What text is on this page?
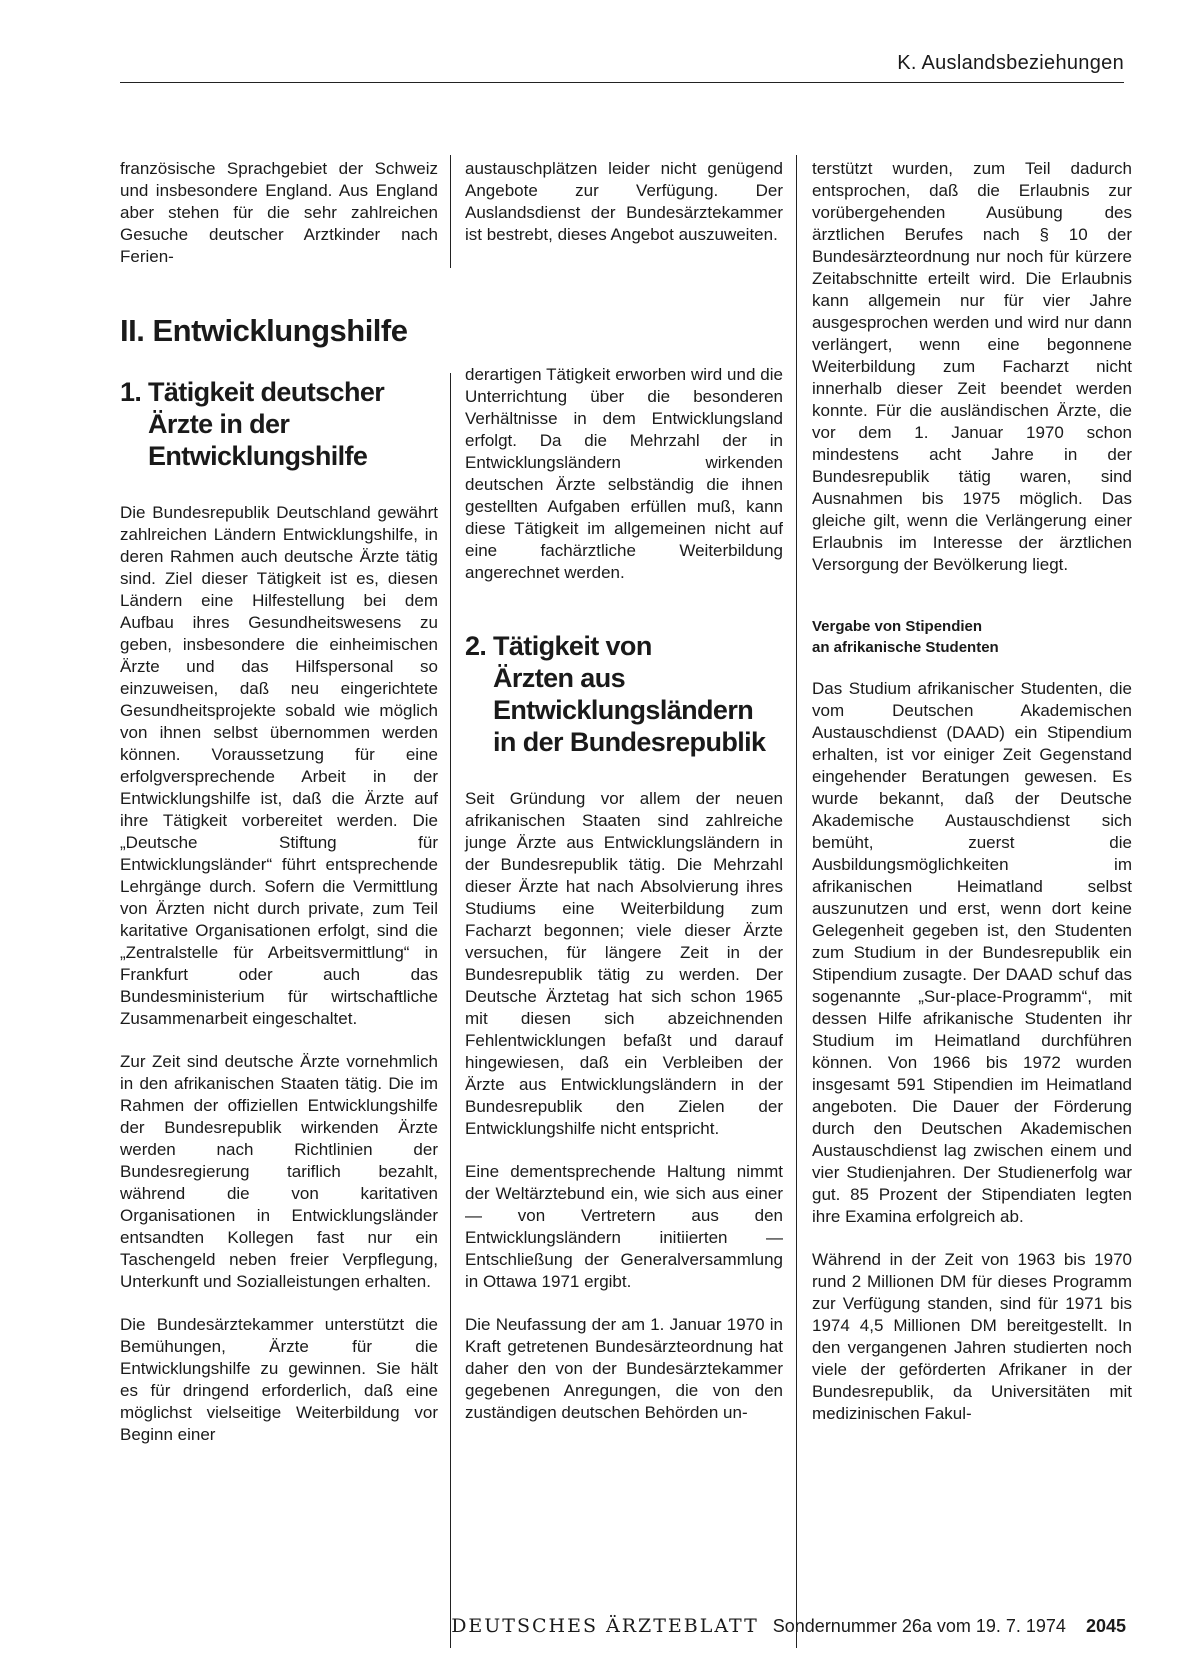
K. Auslandsbeziehungen

französische Sprachgebiet der Schweiz und insbesondere England. Aus England aber stehen für die sehr zahlreichen Gesuche deutscher Arztkinder nach Ferien-

II. Entwicklungshilfe
1. Tätigkeit deutscher
Ärzte in der
Entwicklungshilfe

Die Bundesrepublik Deutschland gewährt zahlreichen Ländern Entwicklungshilfe, in deren Rahmen auch deutsche Ärzte tätig sind. Ziel dieser Tätigkeit ist es, diesen Ländern eine Hilfestellung bei dem Aufbau ihres Gesundheitswesens zu geben, insbesondere die einheimischen Ärzte und das Hilfspersonal so einzuweisen, daß neu eingerichtete Gesundheitsprojekte sobald wie möglich von ihnen selbst übernommen werden können. Voraussetzung für eine erfolgversprechende Arbeit in der Entwicklungshilfe ist, daß die Ärzte auf ihre Tätigkeit vorbereitet werden. Die „Deutsche Stiftung für Entwicklungsländer“ führt entsprechende Lehrgänge durch. Sofern die Vermittlung von Ärzten nicht durch private, zum Teil karitative Organisationen erfolgt, sind die „Zentralstelle für Arbeitsvermittlung“ in Frankfurt oder auch das Bundesministerium für wirtschaftliche Zusammenarbeit eingeschaltet.

Zur Zeit sind deutsche Ärzte vornehmlich in den afrikanischen Staaten tätig. Die im Rahmen der offiziellen Entwicklungshilfe der Bundesrepublik wirkenden Ärzte werden nach Richtlinien der Bundesregierung tariflich bezahlt, während die von karitativen Organisationen in Entwicklungsländer entsandten Kollegen fast nur ein Taschengeld neben freier Verpflegung, Unterkunft und Sozialleistungen erhalten.

Die Bundesärztekammer unterstützt die Bemühungen, Ärzte für die Entwicklungshilfe zu gewinnen. Sie hält es für dringend erforderlich, daß eine möglichst vielseitige Weiterbildung vor Beginn einer

austauschplätzen leider nicht genügend Angebote zur Verfügung. Der Auslandsdienst der Bundesärztekammer ist bestrebt, dieses Angebot auszuweiten.

derartigen Tätigkeit erworben wird und die Unterrichtung über die besonderen Verhältnisse in dem Entwicklungsland erfolgt. Da die Mehrzahl der in Entwicklungsländern wirkenden deutschen Ärzte selbständig die ihnen gestellten Aufgaben erfüllen muß, kann diese Tätigkeit im allgemeinen nicht auf eine fachärztliche Weiterbildung angerechnet werden.

2. Tätigkeit von
Ärzten aus
Entwicklungsländern
in der Bundesrepublik

Seit Gründung vor allem der neuen afrikanischen Staaten sind zahlreiche junge Ärzte aus Entwicklungsländern in der Bundesrepublik tätig. Die Mehrzahl dieser Ärzte hat nach Absolvierung ihres Studiums eine Weiterbildung zum Facharzt begonnen; viele dieser Ärzte versuchen, für längere Zeit in der Bundesrepublik tätig zu werden. Der Deutsche Ärztetag hat sich schon 1965 mit diesen sich abzeichnenden Fehlentwicklungen befaßt und darauf hingewiesen, daß ein Verbleiben der Ärzte aus Entwicklungsländern in der Bundesrepublik den Zielen der Entwicklungshilfe nicht entspricht.

Eine dementsprechende Haltung nimmt der Weltärztebund ein, wie sich aus einer — von Vertretern aus den Entwicklungsländern initiierten — Entschließung der Generalversammlung in Ottawa 1971 ergibt.

Die Neufassung der am 1. Januar 1970 in Kraft getretenen Bundesärzteordnung hat daher den von der Bundesärztekammer gegebenen Anregungen, die von den zuständigen deutschen Behörden un-

terstützt wurden, zum Teil dadurch entsprochen, daß die Erlaubnis zur vorübergehenden Ausübung des ärztlichen Berufes nach § 10 der Bundesärzteordnung nur noch für kürzere Zeitabschnitte erteilt wird. Die Erlaubnis kann allgemein nur für vier Jahre ausgesprochen werden und wird nur dann verlängert, wenn eine begonnene Weiterbildung zum Facharzt nicht innerhalb dieser Zeit beendet werden konnte. Für die ausländischen Ärzte, die vor dem 1. Januar 1970 schon mindestens acht Jahre in der Bundesrepublik tätig waren, sind Ausnahmen bis 1975 möglich. Das gleiche gilt, wenn die Verlängerung einer Erlaubnis im Interesse der ärztlichen Versorgung der Bevölkerung liegt.

Vergabe von Stipendien
an afrikanische Studenten

Das Studium afrikanischer Studenten, die vom Deutschen Akademischen Austauschdienst (DAAD) ein Stipendium erhalten, ist vor einiger Zeit Gegenstand eingehender Beratungen gewesen. Es wurde bekannt, daß der Deutsche Akademische Austauschdienst sich bemüht, zuerst die Ausbildungsmöglichkeiten im afrikanischen Heimatland selbst auszunutzen und erst, wenn dort keine Gelegenheit gegeben ist, den Studenten zum Studium in der Bundesrepublik ein Stipendium zusagte. Der DAAD schuf das sogenannte „Sur-place-Programm“, mit dessen Hilfe afrikanische Studenten ihr Studium im Heimatland durchführen können. Von 1966 bis 1972 wurden insgesamt 591 Stipendien im Heimatland angeboten. Die Dauer der Förderung durch den Deutschen Akademischen Austauschdienst lag zwischen einem und vier Studienjahren. Der Studienerfolg war gut. 85 Prozent der Stipendiaten legten ihre Examina erfolgreich ab.

Während in der Zeit von 1963 bis 1970 rund 2 Millionen DM für dieses Programm zur Verfügung standen, sind für 1971 bis 1974 4,5 Millionen DM bereitgestellt. In den vergangenen Jahren studierten noch viele der geförderten Afrikaner in der Bundesrepublik, da Universitäten mit medizinischen Fakul-

DEUTSCHES ÄRZTEBLATT Sondernummer 26a vom 19. 7. 1974 2045
